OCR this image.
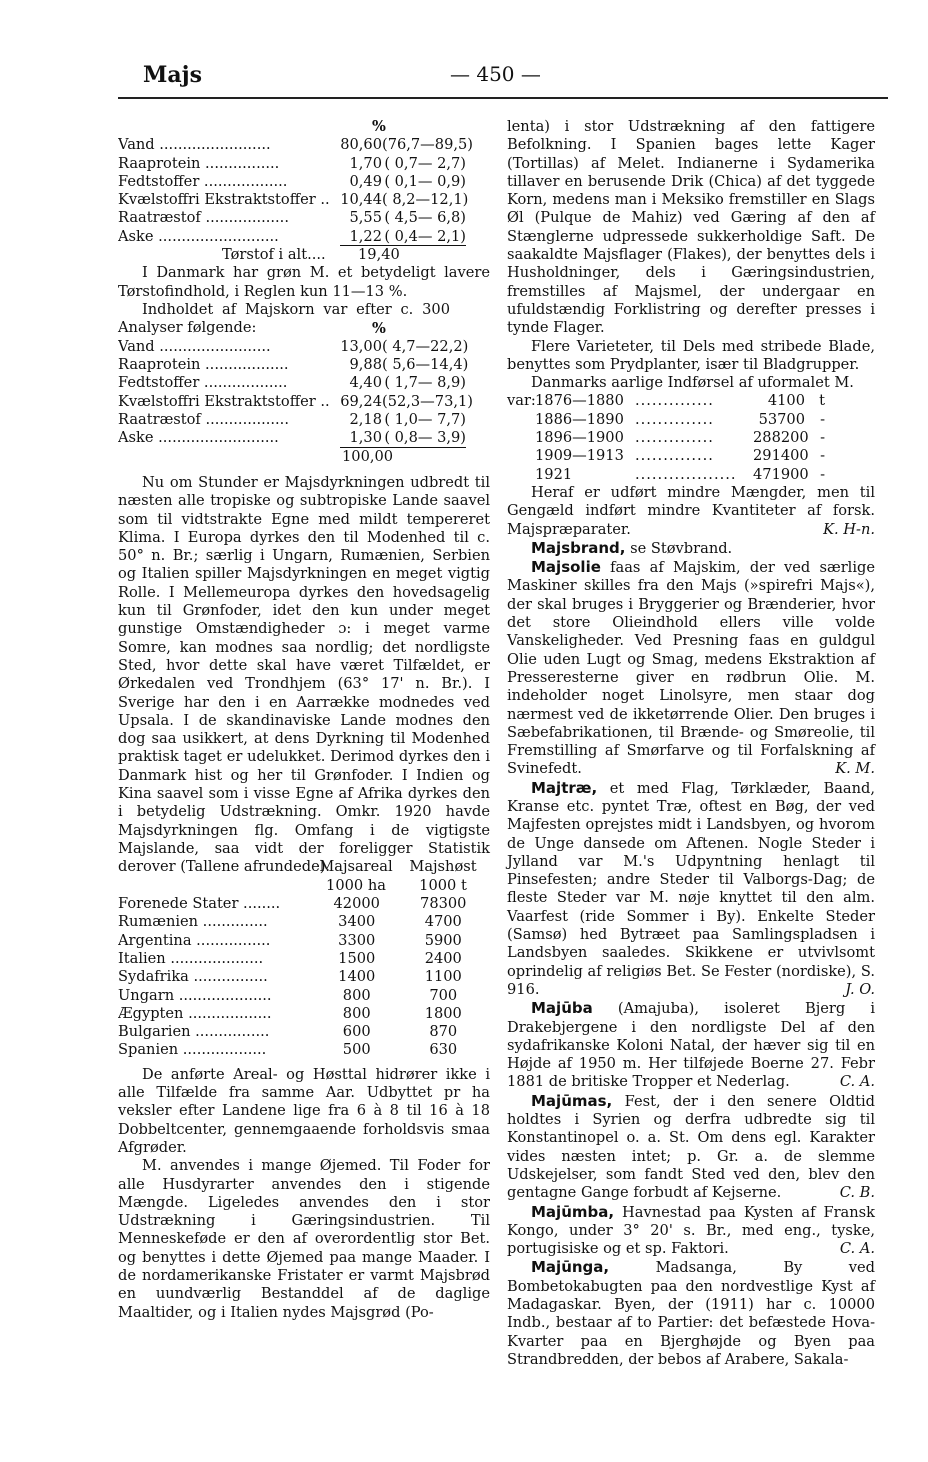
Majs	— 450 —
%
Vand ........................	80,60 (76,7—89,5)
Raaprotein ................	1,70 ( 0,7— 2,7)
Fedtstoffer ..................	0,49 ( 0,1— 0,9)
Kvælstoffri Ekstraktstoffer .. 10,44 ( 8,2—12,1)
Raatræstof ..................	5,55 ( 4,5— 6,8)
Aske ..........................	1,22 ( 0,4— 2,1)
Tørstof i alt.... 19,40

I Danmark har grøn M. et betydeligt lavere Tørstofindhold, i Reglen kun 11—13 %.

Indholdet af Majskorn var efter c. 300 Analyser følgende:	%
Vand ........................	13,00 ( 4,7—22,2)
Raaprotein ..................	9,88 ( 5,6—14,4)
Fedtstoffer ..................	4,40 ( 1,7— 8,9)
Kvælstoffri Ekstraktstoffer .. 69,24 (52,3—73,1)
Raatræstof ..................	2,18 ( 1,0— 7,7)
Aske ..........................	1,30 ( 0,8— 3,9)
100,00

Nu om Stunder er Majsdyrkningen udbredt til næsten alle tropiske og subtropiske Lande saavel som til vidtstrakte Egne med mildt tempereret Klima. I Europa dyrkes den til Modenhed til c. 50° n. Br.; særlig i Ungarn, Rumænien, Serbien og Italien spiller Majsdyrkningen en meget vigtig Rolle. I Mellemeuropa dyrkes den hovedsagelig kun til Grønfoder, idet den kun under meget gunstige Omstændigheder ɔ: i meget varme Somre, kan modnes saa nordlig; det nordligste Sted, hvor dette skal have været Tilfældet, er Ørkedalen ved Trondhjem (63° 17' n. Br.). I Sverige har den i en Aarrække modnedes ved Upsala. I de skandinaviske Lande modnes den dog saa usikkert, at dens Dyrkning til Modenhed praktisk taget er udelukket. Derimod dyrkes den i Danmark hist og her til Grønfoder. I Indien og Kina saavel som i visse Egne af Afrika dyrkes den i betydelig Udstrækning. Omkr. 1920 havde Majsdyrkningen flg. Omfang i de vigtigste Majslande, saa vidt der foreligger Statistik derover (Tallene afrundede).

Majsareal	Majshøst
1000 ha	1000 t
Forenede Stater ........	42000	78300
Rumænien ..............	3400	4700
Argentina ................	3300	5900
Italien ....................	1500	2400
Sydafrika ................	1400	1100
Ungarn ....................	800	700
Ægypten ..................	800	1800
Bulgarien ................	600	870
Spanien ..................	500	630

De anførte Areal- og Høsttal hidrører ikke i alle Tilfælde fra samme Aar. Udbyttet pr ha veksler efter Landene lige fra 6 à 8 til 16 à 18 Dobbeltcenter, gennemgaaende forholdsvis smaa Afgrøder.

M. anvendes i mange Øjemed. Til Foder for alle Husdyrarter anvendes den i stigende Mængde. Ligeledes anvendes den i stor Udstrækning i Gæringsindustrien. Til Menneskeføde er den af overordentlig stor Bet. og benyttes i dette Øjemed paa mange Maader. I de nordamerikanske Fristater er varmt Majsbrød en uundværlig Bestanddel af de daglige Maaltider, og i Italien nydes Majsgrød (Po-

lenta) i stor Udstrækning af den fattigere Befolkning. I Spanien bages lette Kager (Tortillas) af Melet. Indianerne i Sydamerika tillaver en berusende Drik (Chica) af det tyggede Korn, medens man i Meksiko fremstiller en Slags Øl (Pulque de Mahiz) ved Gæring af den af Stænglerne udpressede sukkerholdige Saft. De saakaldte Majsflager (Flakes), der benyttes dels i Husholdninger, dels i Gæringsindustrien, fremstilles af Majsmel, der undergaar en ufuldstændig Forklistring og derefter presses i tynde Flager.

Flere Varieteter, til Dels med stribede Blade, benyttes som Prydplanter, især til Bladgrupper.

Danmarks aarlige Indførsel af uformalet M.

var: 1876—1880 ..............	4100 t
1886—1890 ..............	53700	-
1896—1900 ..............	288200 -
1909—1913 ..............	291400 -
1921	..................	471900 -

Heraf er udført mindre Mængder, men til Gengæld indført mindre Kvantiteter af forsk. Majspræparater.	K. H-n.

Majsbrand, se Støvbrand.

Majsolie faas af Majskim, der ved særlige Maskiner skilles fra den Majs (»spirefri Majs«), der skal bruges i Bryggerier og Brænderier, hvor det store Olieindhold ellers ville volde Vanskeligheder. Ved Presning faas en guldgul Olie uden Lugt og Smag, medens Ekstraktion af Presseresterne giver en rødbrun Olie. M. indeholder noget Linolsyre, men staar dog nærmest ved de ikketørrende Olier. Den bruges i Sæbefabrikationen, til Brænde- og Smøreolie, til Fremstilling af Smørfarve og til Forfalskning af Svinefedt.	K. M.

Majtræ, et med Flag, Tørklæder, Baand, Kranse etc. pyntet Træ, oftest en Bøg, der ved Majfesten oprejstes midt i Landsbyen, og hvorom de Unge dansede om Aftenen. Nogle Steder i Jylland var M.'s Udpyntning henlagt til Pinsefesten; andre Steder til Valborgs-Dag; de fleste Steder var M. nøje knyttet til den alm. Vaarfest (ride Sommer i By). Enkelte Steder (Samsø) hed Bytræet paa Samlingspladsen i Landsbyen saaledes. Skikkene er utvivlsomt oprindelig af religiøs Bet. Se Fester (nordiske), S. 916.	J. O.

Majūba (Amajuba), isoleret Bjerg i Drakebjergene i den nordligste Del af den sydafrikanske Koloni Natal, der hæver sig til en Højde af 1950 m. Her tilføjede Boerne 27. Febr 1881 de britiske Tropper et Nederlag.	C. A.

Majūmas, Fest, der i den senere Oldtid holdtes i Syrien og derfra udbredte sig til Konstantinopel o. a. St. Om dens egl. Karakter vides næsten intet; p. Gr. a. de slemme Udskejelser, som fandt Sted ved den, blev den gentagne Gange forbudt af Kejserne.	C. B.

Majūmba, Havnestad paa Kysten af Fransk Kongo, under 3° 20' s. Br., med eng., tyske, portugisiske og et sp. Faktori.	C. A.

Majūnga,	Madsanga, By ved Bombetokabugten paa den nordvestlige Kyst af Madagaskar. Byen, der (1911) har c. 10000 Indb., bestaar af to Partier: det befæstede Hova-Kvarter paa en Bjerghøjde og Byen paa Strandbredden, der bebos af Arabere, Sakala-
